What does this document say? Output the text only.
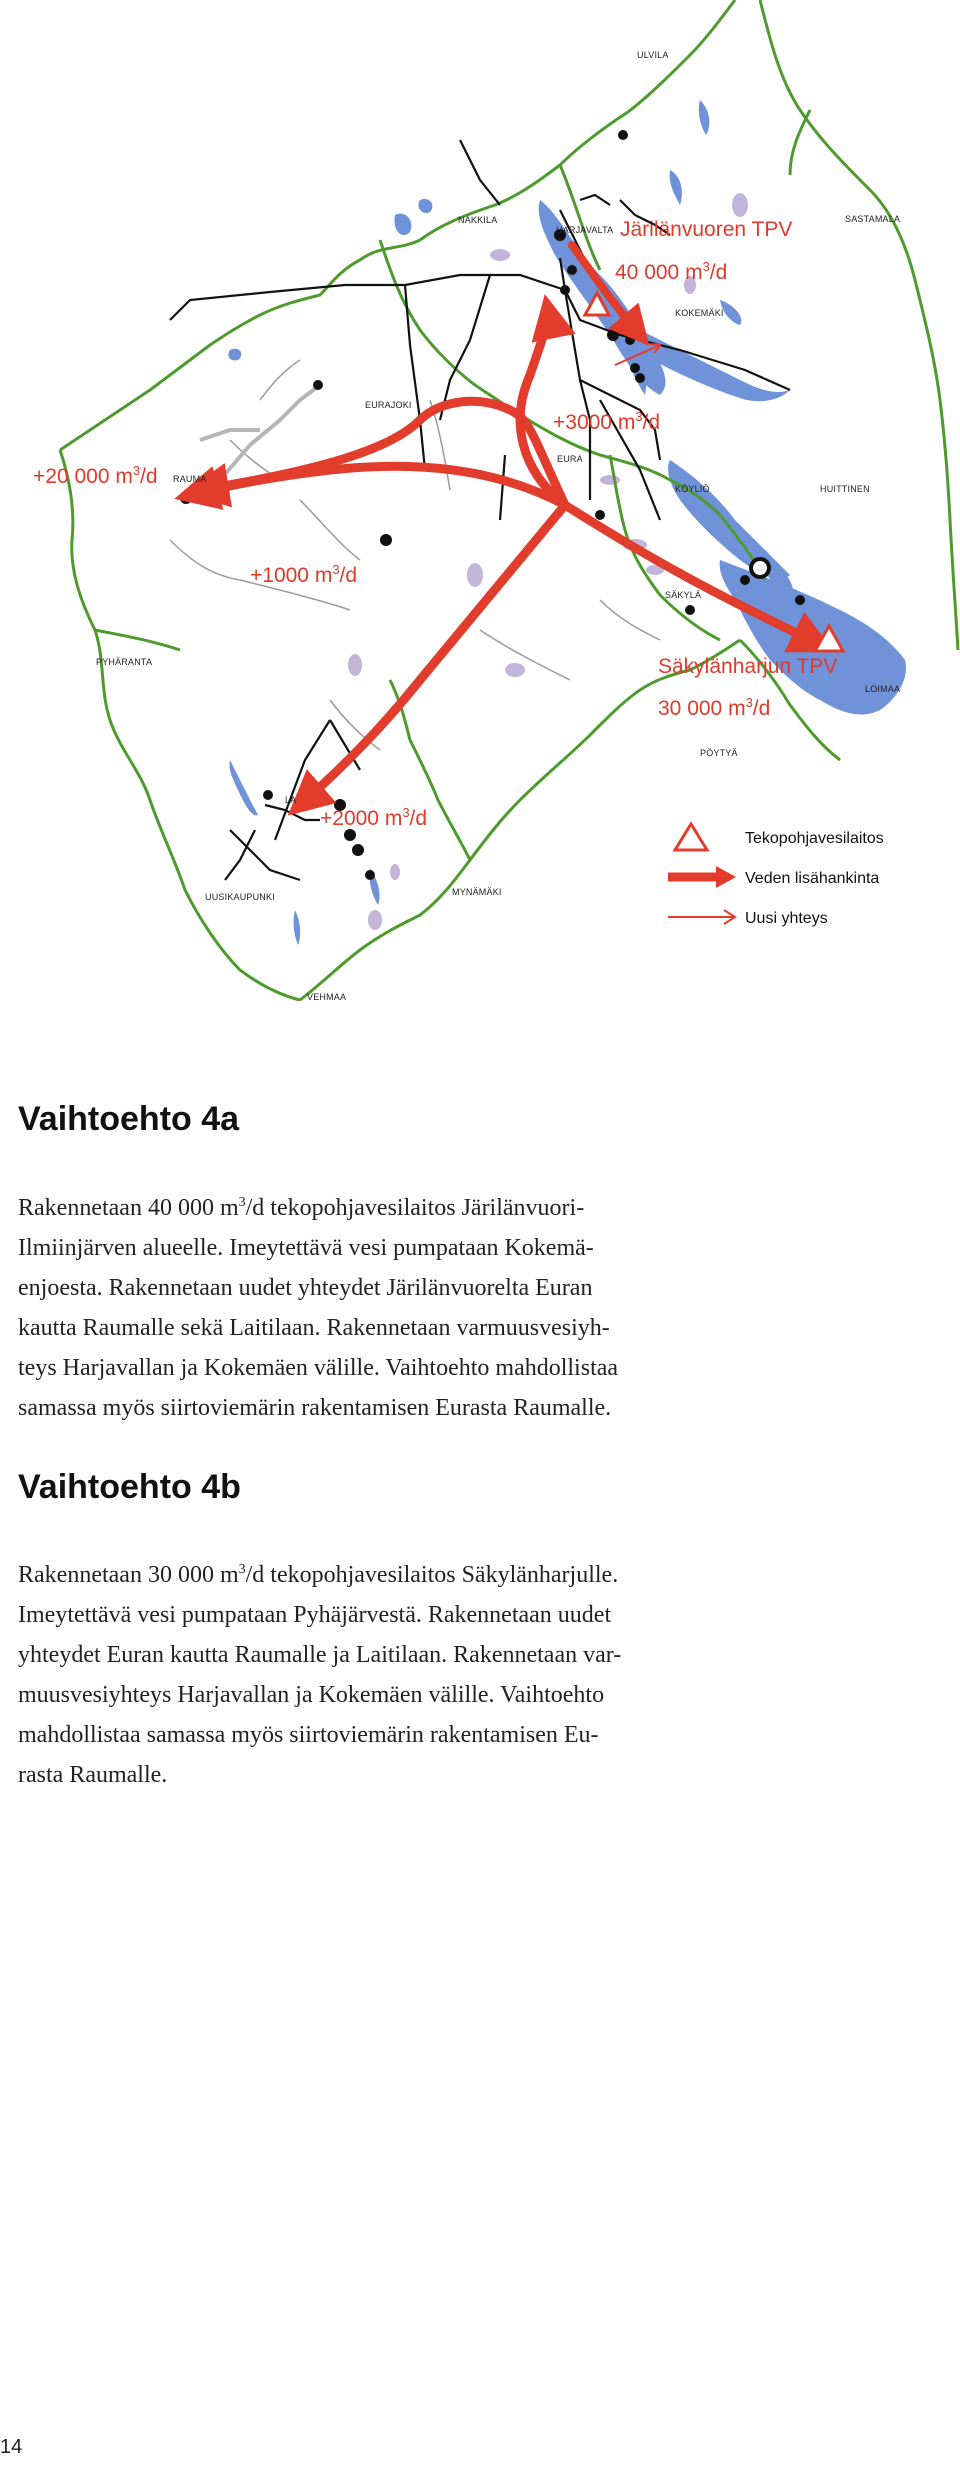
ULVILA
NAKKILA
HARJAVALTA
SASTAMALA
KOKEMÄKI
EURAJOKI
EURA
RAUMA
KÖYLIÖ	HUITTINEN
SÄKYLÄ
PYHÄRANTA
LOIMAA
PÖYTYÄ
LA
UUSIKAUPUNKI	MYNÄMÄKI
VEHMAA
Järilänvuoren TPV
40 000 $m^3/d$
+3000 $m^3/d$
+20 000 $m^3/d$
+1000 $m^3/d$
Säkylänharjun TPV
30 000 $m^3/d$
+2000 $m^3/d$
Tekopohjavesilaitos
Veden lisähankinta
Uusi yhteys
Vaihtoehto 4a
Rakennetaan 40 000 $m^3/d$ tekopohjavesilaitos Järilänvuori-
Ilmiinjärven alueelle. Imeytettävä vesi pumpataan Kokemä-
enjoesta. Rakennetaan uudet yhteydet Järilänvuorelta Euran
kautta Raumalle sekä Laitilaan. Rakennetaan varmuusvesiyh-
teys Harjavallan ja Kokemäen välille. Vaihtoehto mahdollistaa
samassa myös siirtoviemärin rakentamisen Eurasta Raumalle.
Vaihtoehto 4b
Rakennetaan 30 000 $m^3/d$ tekopohjavesilaitos Säkylänharjulle.
Imeytettävä vesi pumpataan Pyhäjärvestä. Rakennetaan uudet
yhteydet Euran kautta Raumalle ja Laitilaan. Rakennetaan var-
muusvesiyhteys Harjavallan ja Kokemäen välille. Vaihtoehto
mahdollistaa samassa myös siirtoviemärin rakentamisen Eu-
rasta Raumalle.

14
